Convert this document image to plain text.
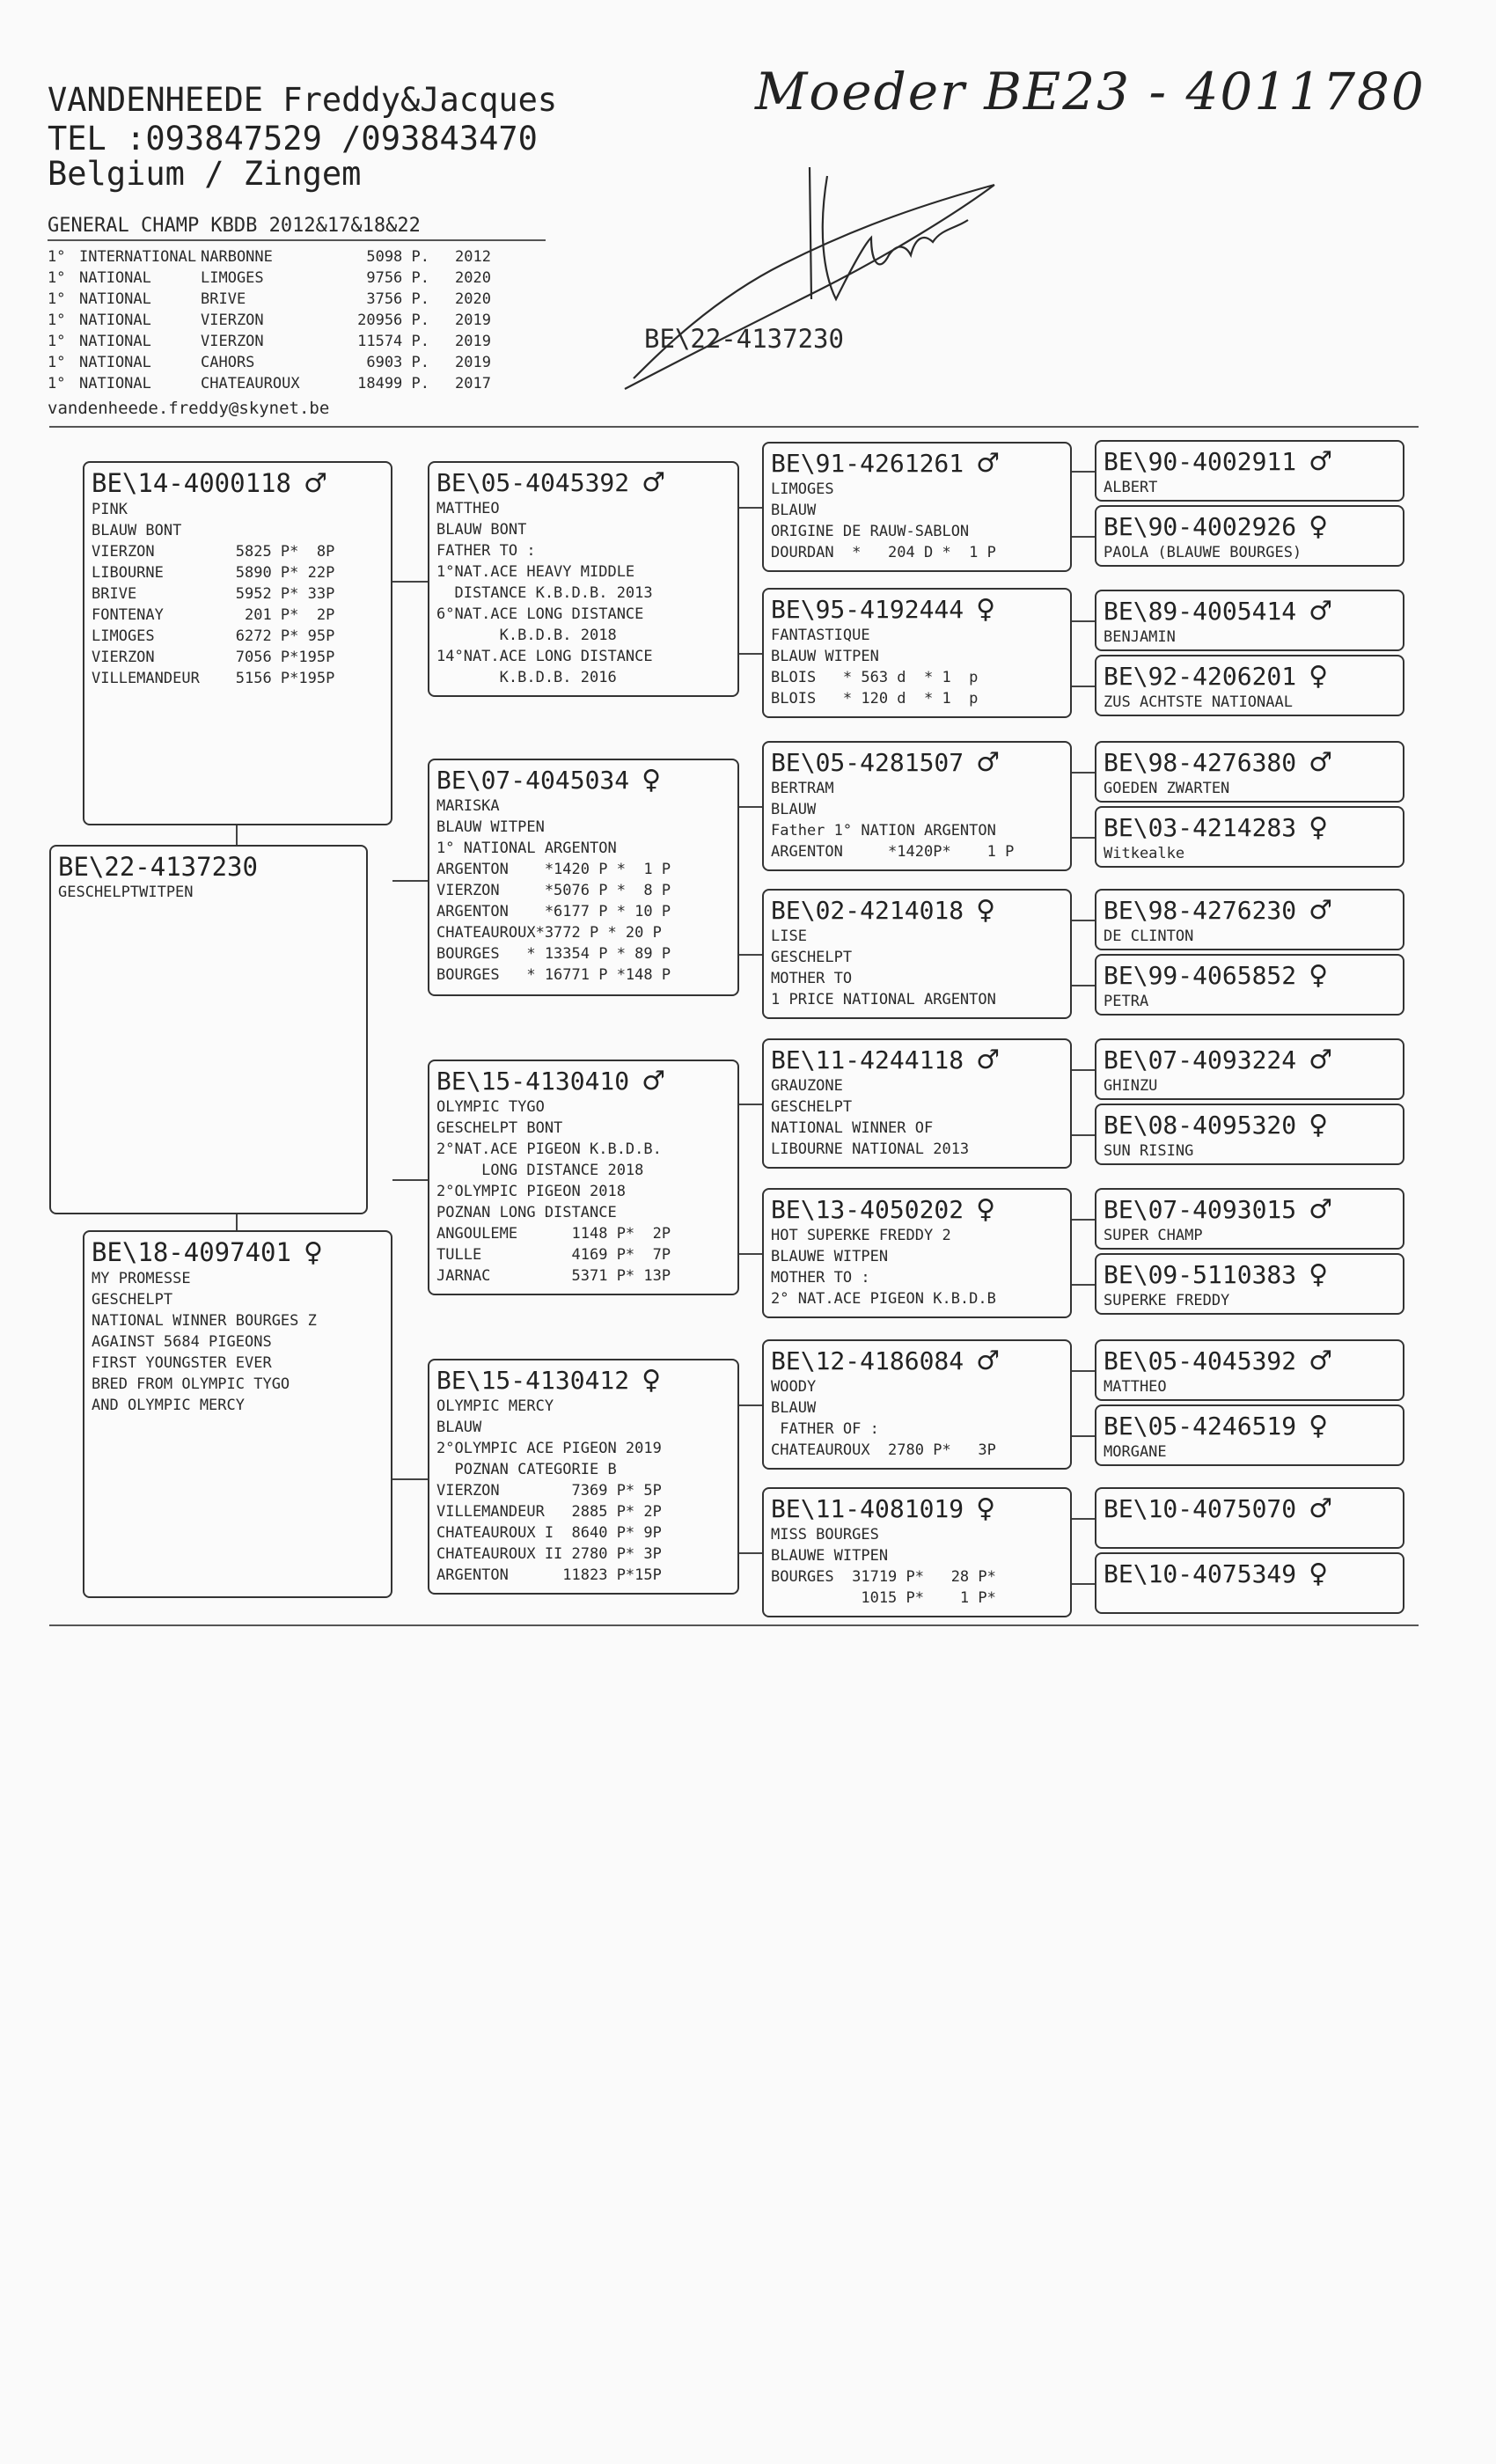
VANDENHEEDE Freddy&Jacques
TEL :093847529 /093843470
Belgium / Zingem
Moeder BE23 - 4011780
GENERAL CHAMP KBDB 2012&17&18&22
1° INTERNATIONAL NARBONNE	5098 P.	2012
1° NATIONAL	LIMOGES	9756 P.	2020
1° NATIONAL	BRIVE	3756 P.	2020
1° NATIONAL	VIERZON	20956 P.	2019
1° NATIONAL	VIERZON	11574 P.	2019
1° NATIONAL	CAHORS	6903 P.	2019
1° NATIONAL	CHATEAUROUX	18499 P.	2017
vandenheede.freddy@skynet.be
BE\22-4137230
BE\14-4000118 ♂
PINK
BLAUW BONT
VIERZON         5825 P*  8P
LIBOURNE        5890 P* 22P
BRIVE           5952 P* 33P
FONTENAY         201 P*  2P
LIMOGES         6272 P* 95P
VIERZON         7056 P*195P
VILLEMANDEUR    5156 P*195P
BE\22-4137230
GESCHELPTWITPEN
BE\18-4097401 ♀
MY PROMESSE
GESCHELPT
NATIONAL WINNER BOURGES Z
AGAINST 5684 PIGEONS
FIRST YOUNGSTER EVER
BRED FROM OLYMPIC TYGO
AND OLYMPIC MERCY
BE\05-4045392 ♂
MATTHEO
BLAUW BONT
FATHER TO :
1°NAT.ACE HEAVY MIDDLE
DISTANCE K.B.D.B. 2013
6°NAT.ACE LONG DISTANCE
K.B.D.B. 2018
14°NAT.ACE LONG DISTANCE
K.B.D.B. 2016
BE\07-4045034 ♀
MARISKA
BLAUW WITPEN
1° NATIONAL ARGENTON
ARGENTON    *1420 P *  1 P
VIERZON     *5076 P *  8 P
ARGENTON    *6177 P * 10 P
CHATEAUROUX*3772 P * 20 P
BOURGES   * 13354 P * 89 P
BOURGES   * 16771 P *148 P
BE\15-4130410 ♂
OLYMPIC TYGO
GESCHELPT BONT
2°NAT.ACE PIGEON K.B.D.B.
LONG DISTANCE 2018
2°OLYMPIC PIGEON 2018
POZNAN LONG DISTANCE
ANGOULEME      1148 P*  2P
TULLE          4169 P*  7P
JARNAC         5371 P* 13P
BE\15-4130412 ♀
OLYMPIC MERCY
BLAUW
2°OLYMPIC ACE PIGEON 2019
POZNAN CATEGORIE B
VIERZON        7369 P* 5P
VILLEMANDEUR   2885 P* 2P
CHATEAUROUX I  8640 P* 9P
CHATEAUROUX II 2780 P* 3P
ARGENTON      11823 P*15P
BE\91-4261261 ♂
LIMOGES
BLAUW
ORIGINE DE RAUW-SABLON
DOURDAN  *   204 D *  1 P
BE\95-4192444 ♀
FANTASTIQUE
BLAUW WITPEN
BLOIS   * 563 d  * 1  p
BLOIS   * 120 d  * 1  p
BE\05-4281507 ♂
BERTRAM
BLAUW
Father 1° NATION ARGENTON
ARGENTON     *1420P*    1 P
BE\02-4214018 ♀
LISE
GESCHELPT
MOTHER TO
1 PRICE NATIONAL ARGENTON
BE\11-4244118 ♂
GRAUZONE
GESCHELPT
NATIONAL WINNER OF
LIBOURNE NATIONAL 2013
BE\13-4050202 ♀
HOT SUPERKE FREDDY 2
BLAUWE WITPEN
MOTHER TO :
2° NAT.ACE PIGEON K.B.D.B
BE\12-4186084 ♂
WOODY
BLAUW
FATHER OF :
CHATEAUROUX  2780 P*   3P
BE\11-4081019 ♀
MISS BOURGES
BLAUWE WITPEN
BOURGES  31719 P*   28 P*
1015 P*    1 P*
BE\90-4002911 ♂
ALBERT
BE\90-4002926 ♀
PAOLA (BLAUWE BOURGES)
BE\89-4005414 ♂
BENJAMIN
BE\92-4206201 ♀
ZUS ACHTSTE NATIONAAL
BE\98-4276380 ♂
GOEDEN ZWARTEN
BE\03-4214283 ♀
Witkealke
BE\98-4276230 ♂
DE CLINTON
BE\99-4065852 ♀
PETRA
BE\07-4093224 ♂
GHINZU
BE\08-4095320 ♀
SUN RISING
BE\07-4093015 ♂
SUPER CHAMP
BE\09-5110383 ♀
SUPERKE FREDDY
BE\05-4045392 ♂
MATTHEO
BE\05-4246519 ♀
MORGANE
BE\10-4075070 ♂
BE\10-4075349 ♀
